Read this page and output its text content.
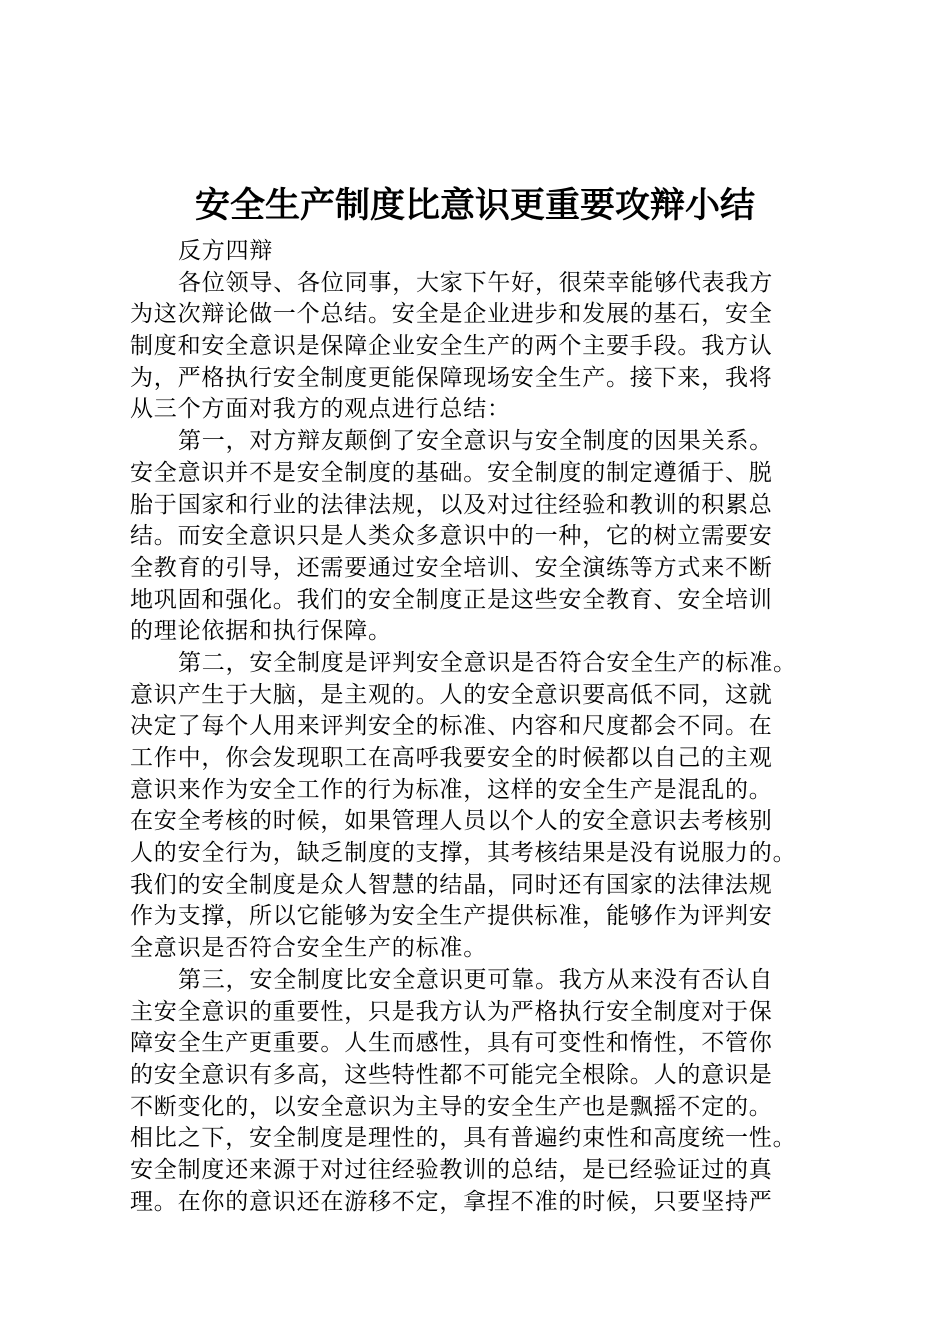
安全生产制度比意识更重要攻辩小结
反方四辩
各位领导、各位同事，大家下午好，很荣幸能够代表我方
为这次辩论做一个总结。安全是企业进步和发展的基石，安全
制度和安全意识是保障企业安全生产的两个主要手段。我方认
为，严格执行安全制度更能保障现场安全生产。接下来，我将
从三个方面对我方的观点进行总结：
第一，对方辩友颠倒了安全意识与安全制度的因果关系。
安全意识并不是安全制度的基础。安全制度的制定遵循于、脱
胎于国家和行业的法律法规，以及对过往经验和教训的积累总
结。而安全意识只是人类众多意识中的一种，它的树立需要安
全教育的引导，还需要通过安全培训、安全演练等方式来不断
地巩固和强化。我们的安全制度正是这些安全教育、安全培训
的理论依据和执行保障。
第二，安全制度是评判安全意识是否符合安全生产的标准。
意识产生于大脑，是主观的。人的安全意识要高低不同，这就
决定了每个人用来评判安全的标准、内容和尺度都会不同。在
工作中，你会发现职工在高呼我要安全的时候都以自己的主观
意识来作为安全工作的行为标准，这样的安全生产是混乱的。
在安全考核的时候，如果管理人员以个人的安全意识去考核别
人的安全行为，缺乏制度的支撑，其考核结果是没有说服力的。
我们的安全制度是众人智慧的结晶，同时还有国家的法律法规
作为支撑，所以它能够为安全生产提供标准，能够作为评判安
全意识是否符合安全生产的标准。
第三，安全制度比安全意识更可靠。我方从来没有否认自
主安全意识的重要性，只是我方认为严格执行安全制度对于保
障安全生产更重要。人生而感性，具有可变性和惰性，不管你
的安全意识有多高，这些特性都不可能完全根除。人的意识是
不断变化的，以安全意识为主导的安全生产也是飘摇不定的。
相比之下，安全制度是理性的，具有普遍约束性和高度统一性。
安全制度还来源于对过往经验教训的总结，是已经验证过的真
理。在你的意识还在游移不定，拿捏不准的时候，只要坚持严
